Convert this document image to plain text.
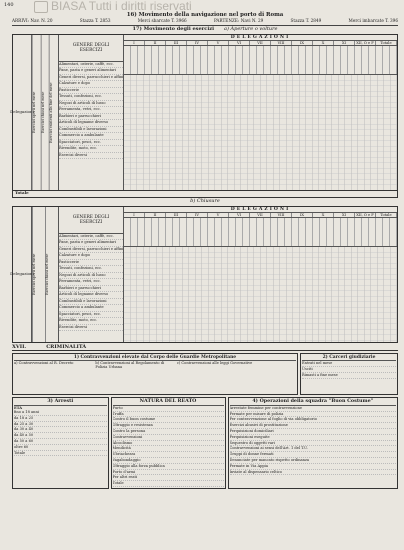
BIASA Tutti i diritti riservati
140
16) Movimento della navigazione nel porto di Roma
ARRIVI: Nav. N. 20	Stazza T. 2853	Merci sbarcate T. 3966	PARTENZE: Navi N. 29	Stazza T. 2849	Merci imbarcate T. 396
17) Movimento degli esercizi a) Aperture o volture
Delegazioni
Esercizi aperti nel mese	Esercizi chiusi nel mese	Esercizi esistenti alla fine del mese
GENERE DEGLI ESERCIZI
Alimentari, osterie, caffè, ecc.
Pane, pasta e generi alimentari
Generi diversi, parrucchieri e affini
Calzature e dopo
Pasticcerie
Tessuti, confezioni, ecc.
Negozi di articoli di lusso
Ferramenta, vetri, ecc.
Barbieri e parrucchieri
Articoli di legname diverso
Combustibili e lavorazioni
Commercio a ambulante
Spacciatori, pesci, ecc.
Rivendite, moto, ecc.
Esercizi diversi
DELEGAZIONI
I	II	III	IV	V	VI	VII	VIII	IX	X	XI	XII, O e F	Totale
Totale
b) Chiusure
Delegazioni
Esercizi aperti nel mese	Esercizi chiusi nel mese
GENERE DEGLI ESERCIZI
Alimentari, osterie, caffè, ecc.
Pane, pasta e generi alimentari
Generi diversi, parrucchieri e affini
Calzature e dopo
Pasticcerie
Tessuti, confezioni, ecc.
Negozi di articoli di lusso
Ferramenta, vetri, ecc.
Barbieri e parrucchieri
Articoli di legname diverso
Combustibili e lavorazioni
Commercio a ambulante
Spacciatori, pesci, ecc.
Rivendite, moto, ecc.
Esercizi diversi
DELEGAZIONI
I	II	III	IV	V	VI	VII	VIII	IX	X	XI	XII, O e F	Totale
XVII.	CRIMINALITÀ
1) Contravvenzioni elevate dal Corpo delle Guardie Metropolitane
a) Contravvenzioni al R. Decreto	b) Contravvenzioni al Regolamento di Polizia Urbana
c) Contravvenzioni alle leggi Governative
2) Carceri giudiziarie
Entrati nel mese
Usciti
Rimasti a fine mese
3) Arresti
ETA
fino a 18 anni
da 18 a 25
da 25 a 30
da 30 a 40
da 40 a 50
da 50 a 60
oltre 60
Totale
NATURA DEL REATO
Furto
Truffa
Contro il buon costume
Oltraggio e resistenza
Contro la persona
Contravvenzioni
Alcoolismo
Mendicità
Ubriachezza
Vagabondaggio
Oltraggio alla forza pubblica
Porto d'armi
Per altri reati
Totale
4) Operazioni della squadra "Buon Costume"
Arrestate femmine per contravvenzione
Fermate per misure di polizia
Per contravvenzione al foglio di via obbligatorio
Esercizi abusivi di prostituzione
Perquisizioni domiciliari
Perquisizioni eseguite
Sequestro di oggetti vari
Contravvenzioni ai sensi dell'Art. 1 del T.U.
Gruppi di donne fermati
Denunciate per mancato rispetto ordinanza
Fermate in Via Appia
Inviate al dispensario celtico
